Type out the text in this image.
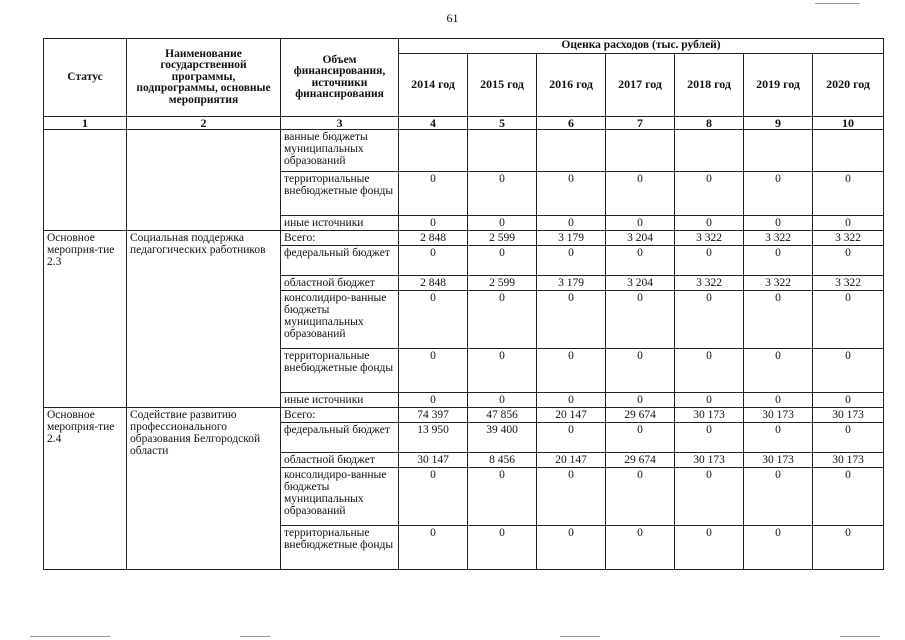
61
Статус	Наименование государственной программы, подпрограммы, основные мероприятия	Объем финансирования, источники финансирования	Оценка расходов (тыс. рублей)						
			2014 год	2015 год	2016 год	2017 год	2018 год	2019 год	2020 год
1	2	3	4	5	6	7	8	9	10
		ванные бюджеты муниципальных образований							
		территориальные внебюджетные фонды	0	0	0	0	0	0	0
		иные источники	0	0	0	0	0	0	0
Основное мероприя-тие 2.3	Социальная поддержка педагогических работников	Всего:	2 848	2 599	3 179	3 204	3 322	3 322	3 322
		федеральный бюджет	0	0	0	0	0	0	0
		областной бюджет	2 848	2 599	3 179	3 204	3 322	3 322	3 322
		консолидиро-ванные бюджеты муниципальных образований	0	0	0	0	0	0	0
		территориальные внебюджетные фонды	0	0	0	0	0	0	0
		иные источники	0	0	0	0	0	0	0
Основное мероприя-тие 2.4	Содействие развитию профессионального образования Белгородской области	Всего:	74 397	47 856	20 147	29 674	30 173	30 173	30 173
		федеральный бюджет	13 950	39 400	0	0	0	0	0
		областной бюджет	30 147	8 456	20 147	29 674	30 173	30 173	30 173
		консолидиро-ванные бюджеты муниципальных образований	0	0	0	0	0	0	0
		территориальные внебюджетные фонды	0	0	0	0	0	0	0
